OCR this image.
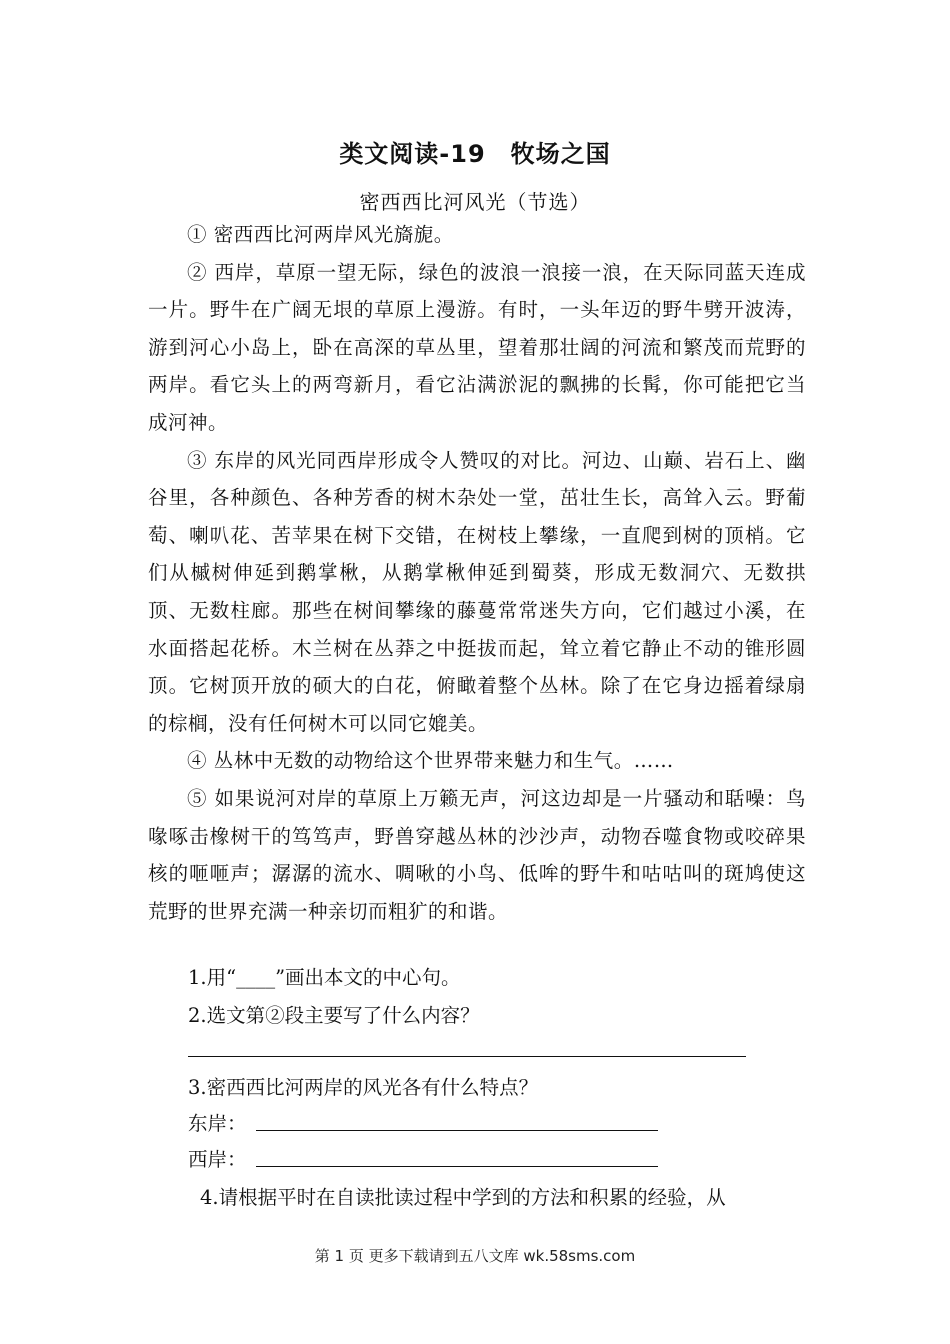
类文阅读-19　牧场之国
密西西比河风光（节选）

① 密西西比河两岸风光旖旎。

② 西岸，草原一望无际，绿色的波浪一浪接一浪，在天际同蓝天连成一片。野牛在广阔无垠的草原上漫游。有时，一头年迈的野牛劈开波涛，游到河心小岛上，卧在高深的草丛里，望着那壮阔的河流和繁茂而荒野的两岸。看它头上的两弯新月，看它沾满淤泥的飘拂的长髯，你可能把它当成河神。

③ 东岸的风光同西岸形成令人赞叹的对比。河边、山巅、岩石上、幽谷里，各种颜色、各种芳香的树木杂处一堂，茁壮生长，高耸入云。野葡萄、喇叭花、苦苹果在树下交错，在树枝上攀缘，一直爬到树的顶梢。它们从槭树伸延到鹅掌楸，从鹅掌楸伸延到蜀葵，形成无数洞穴、无数拱顶、无数柱廊。那些在树间攀缘的藤蔓常常迷失方向，它们越过小溪，在水面搭起花桥。木兰树在丛莽之中挺拔而起，耸立着它静止不动的锥形圆顶。它树顶开放的硕大的白花，俯瞰着整个丛林。除了在它身边摇着绿扇的棕榈，没有任何树木可以同它媲美。

④ 丛林中无数的动物给这个世界带来魅力和生气。……

⑤ 如果说河对岸的草原上万籁无声，河这边却是一片骚动和聒噪：鸟喙啄击橡树干的笃笃声，野兽穿越丛林的沙沙声，动物吞噬食物或咬碎果核的咂咂声；潺潺的流水、啁啾的小鸟、低哞的野牛和咕咕叫的斑鸠使这荒野的世界充满一种亲切而粗犷的和谐。

1.用“____”画出本文的中心句。
2.选文第②段主要写了什么内容？
3.密西西比河两岸的风光各有什么特点？
东岸：
西岸：
4.请根据平时在自读批读过程中学到的方法和积累的经验，从
第 1 页 更多下载请到五八文库 wk.58sms.com
